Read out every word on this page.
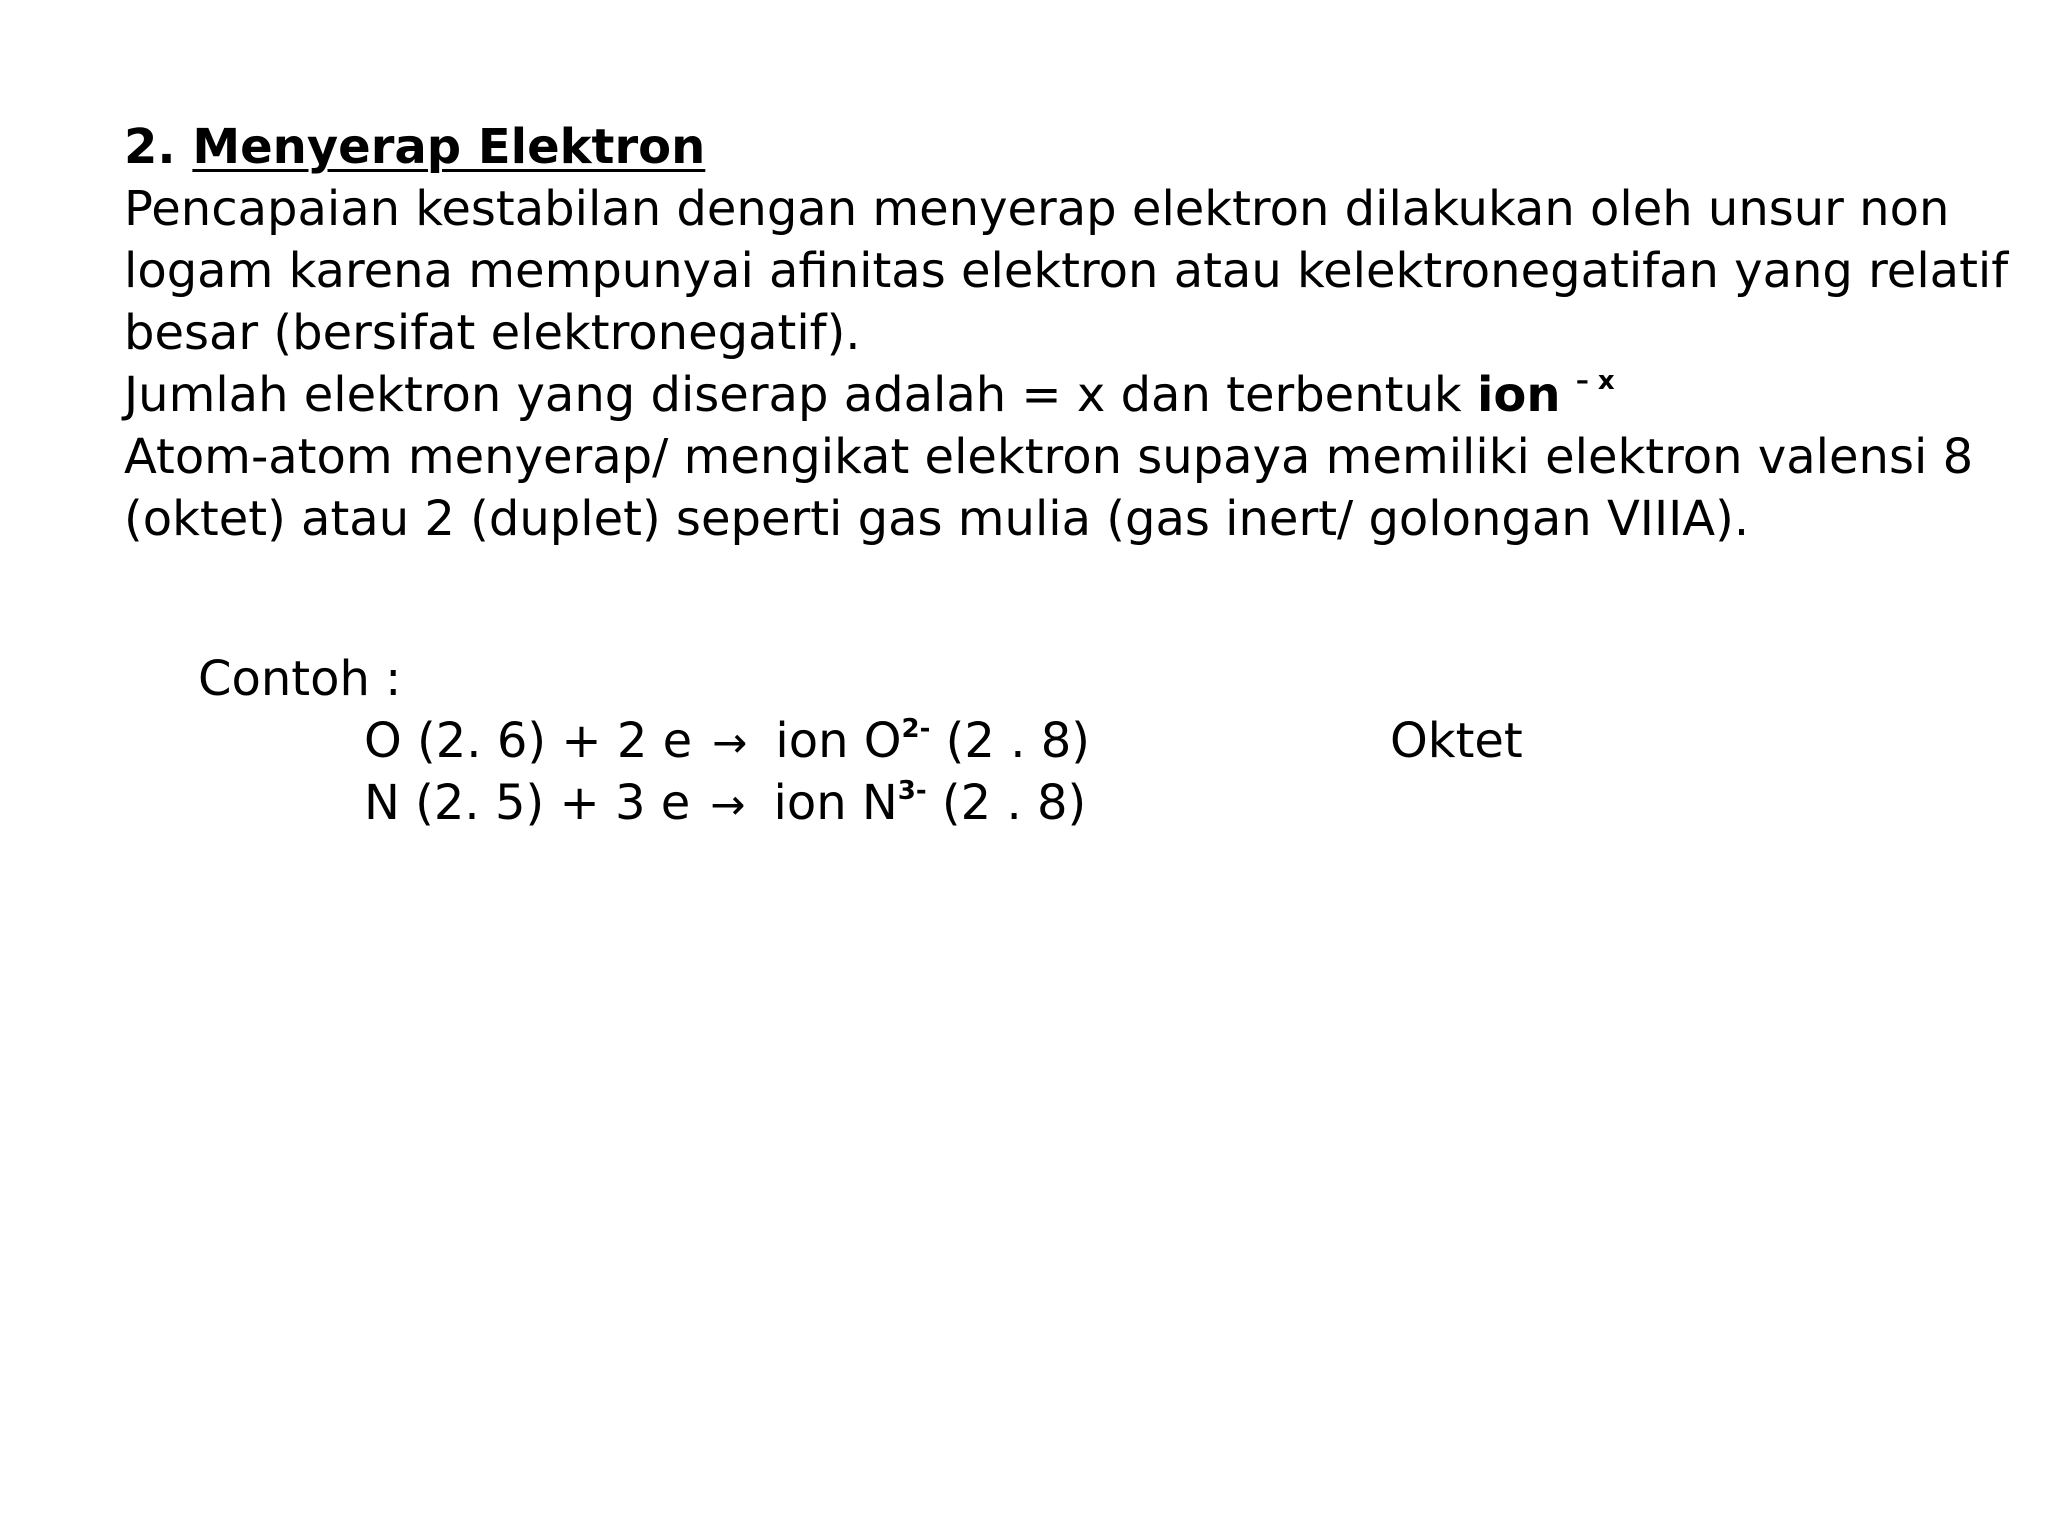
2. Menyerap Elektron
Pencapaian kestabilan dengan menyerap elektron dilakukan oleh unsur non
logam karena mempunyai afinitas elektron atau kelektronegatifan yang relatif
besar (bersifat elektronegatif).
Jumlah elektron yang diserap adalah = x dan terbentuk ion $^{- x}$
Atom-atom menyerap/ mengikat elektron supaya memiliki elektron valensi 8
(oktet) atau 2 (duplet) seperti gas mulia (gas inert/ golongan VIIIA).
Contoh :
O (2. 6) + 2 e → ion $O^{2-}$ (2 . 8)	Oktet
N (2. 5) + 3 e → ion $N^{3-}$ (2 . 8)
